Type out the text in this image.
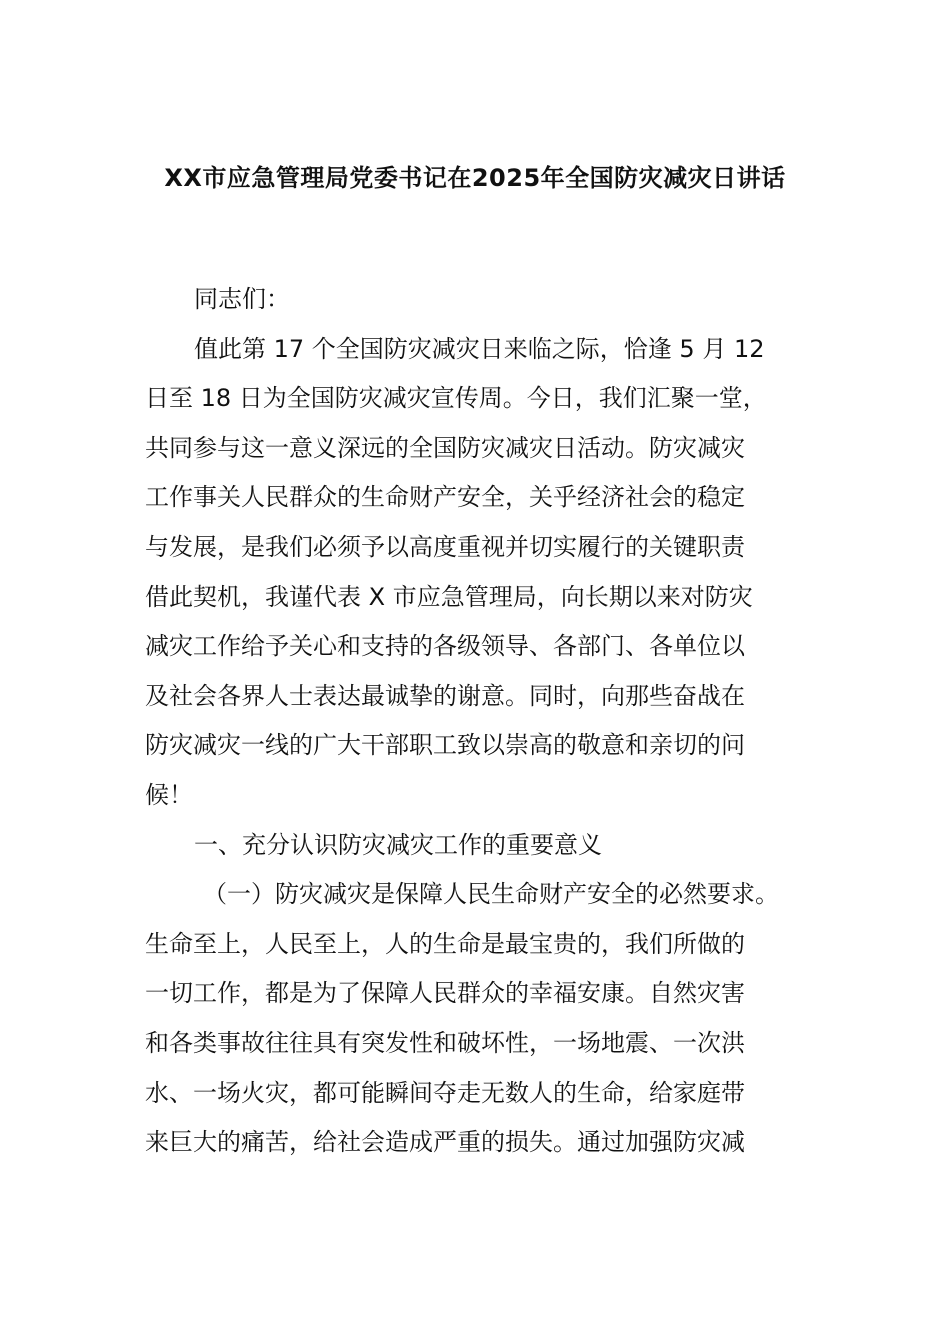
XX市应急管理局党委书记在2025年全国防灾减灾日讲话
同志们：
值此第 17 个全国防灾减灾日来临之际，恰逢 5 月 12
日至 18 日为全国防灾减灾宣传周。今日，我们汇聚一堂，
共同参与这一意义深远的全国防灾减灾日活动。防灾减灾
工作事关人民群众的生命财产安全，关乎经济社会的稳定
与发展，是我们必须予以高度重视并切实履行的关键职责
借此契机，我谨代表 X 市应急管理局，向长期以来对防灾
减灾工作给予关心和支持的各级领导、各部门、各单位以
及社会各界人士表达最诚挚的谢意。同时，向那些奋战在
防灾减灾一线的广大干部职工致以崇高的敬意和亲切的问
候！
一、充分认识防灾减灾工作的重要意义
（一）防灾减灾是保障人民生命财产安全的必然要求。
生命至上，人民至上，人的生命是最宝贵的，我们所做的
一切工作，都是为了保障人民群众的幸福安康。自然灾害
和各类事故往往具有突发性和破坏性，一场地震、一次洪
水、一场火灾，都可能瞬间夺走无数人的生命，给家庭带
来巨大的痛苦，给社会造成严重的损失。通过加强防灾减
